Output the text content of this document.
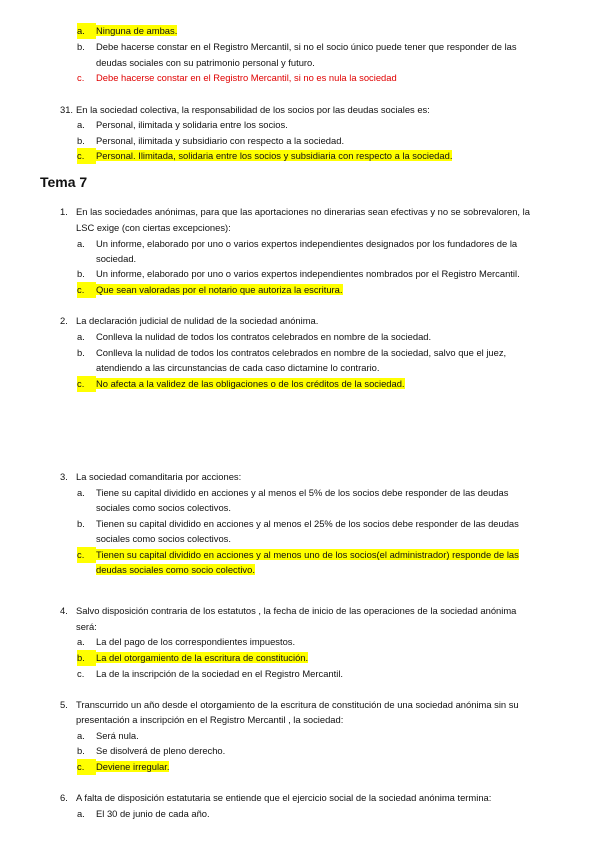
a. Ninguna de ambas.
b. Debe hacerse constar en el Registro Mercantil, si no el socio único puede tener que responder de las
deudas sociales con su patrimonio personal y futuro.
c. Debe hacerse constar en el Registro Mercantil, si no es nula la sociedad
31. En la sociedad colectiva, la responsabilidad de los socios por las deudas sociales es:
a. Personal, ilimitada y solidaria entre los socios.
b. Personal, ilimitada y subsidiario con respecto a la sociedad.
c. Personal. Ilimitada, solidaria entre los socios y subsidiaria con respecto a la sociedad.
Tema 7
1. En las sociedades anónimas, para que las aportaciones no dinerarias sean efectivas y no se sobrevaloren, la
LSC exige (con ciertas excepciones):
a. Un informe, elaborado por uno o varios expertos independientes designados por los fundadores de la
sociedad.
b. Un informe, elaborado por uno o varios expertos independientes nombrados por el Registro Mercantil.
c. Que sean valoradas por el notario que autoriza la escritura.
2. La declaración judicial de nulidad de la sociedad anónima.
a. Conlleva la nulidad de todos los contratos celebrados en nombre de la sociedad.
b. Conlleva la nulidad de todos los contratos celebrados en nombre de la sociedad, salvo que el juez,
atendiendo a las circunstancias de cada caso dictamine lo contrario.
c. No afecta a la validez de las obligaciones o de los créditos de la sociedad.
3. La sociedad comanditaria por acciones:
a. Tiene su capital dividido en acciones y al menos el 5% de los socios debe responder de las deudas
sociales como socios colectivos.
b. Tienen su capital dividido en acciones y al menos el 25% de los socios debe responder de las deudas
sociales como socios colectivos.
c. Tienen su capital dividido en acciones y al menos uno de los socios(el administrador) responde de las
deudas sociales como socio colectivo.
4. Salvo disposición contraria de los estatutos , la fecha de inicio de las operaciones de la sociedad anónima
será:
a. La del pago de los correspondientes impuestos.
b. La del otorgamiento de la escritura de constitución.
c. La de la inscripción de la sociedad en el Registro Mercantil.
5. Transcurrido un año desde el otorgamiento de la escritura de constitución de una sociedad anónima sin su
presentación a inscripción en el Registro Mercantil , la sociedad:
a. Será nula.
b. Se disolverá de pleno derecho.
c. Deviene irregular.
6. A falta de disposición estatutaria se entiende que el ejercicio social de la sociedad anónima termina:
a. El 30 de junio de cada año.
